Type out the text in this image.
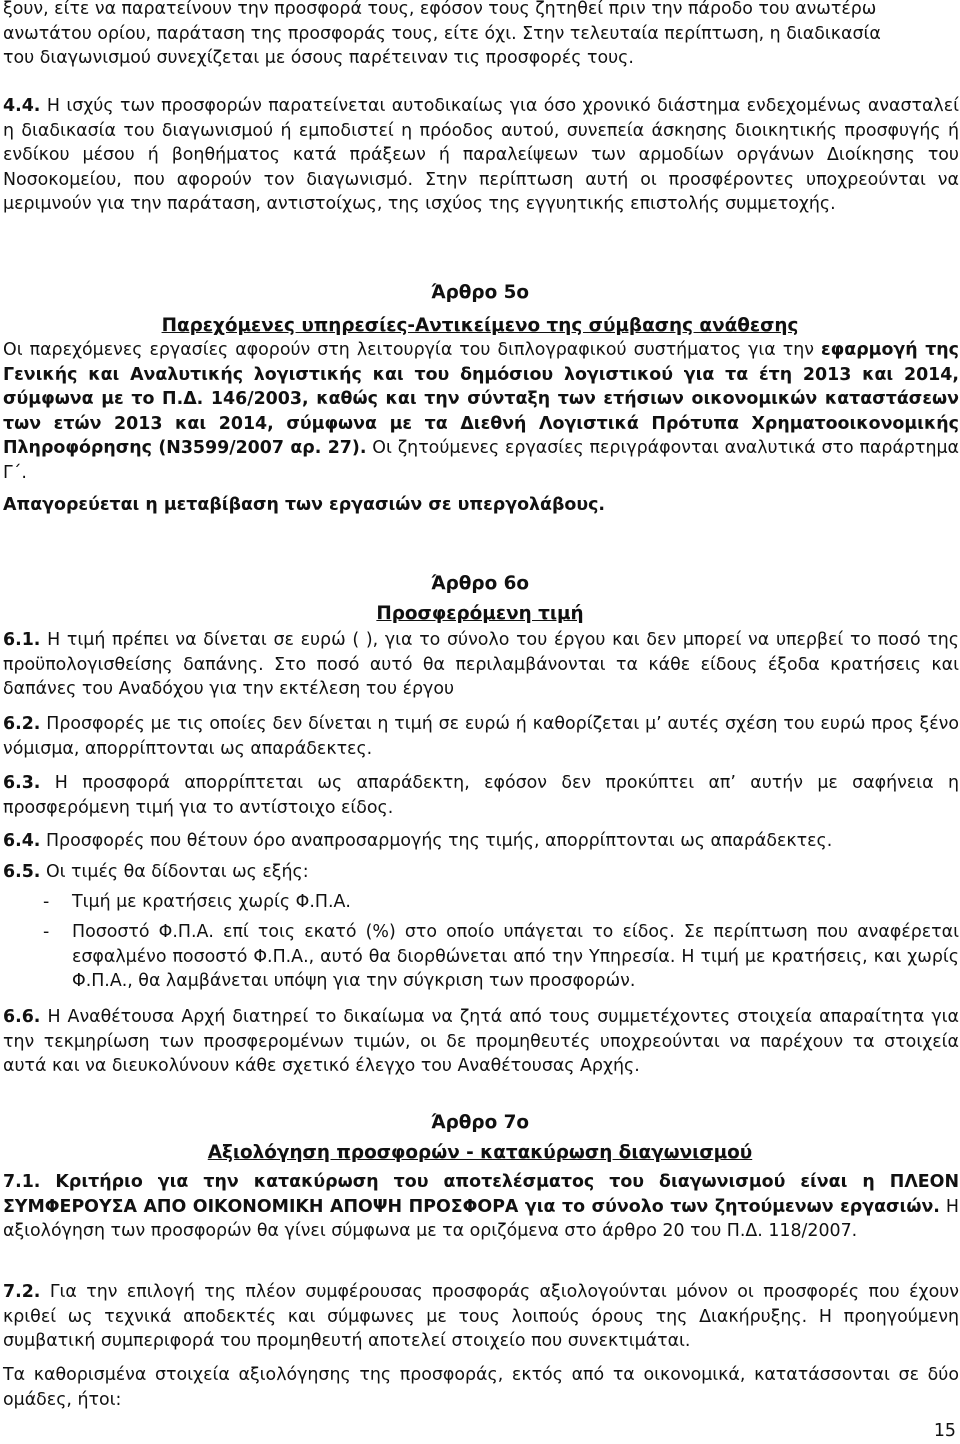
ξουν, είτε να παρατείνουν την προσφορά τους, εφόσον τους ζητηθεί πριν την πάροδο του ανωτέρω
ανωτάτου ορίου, παράταση της προσφοράς τους, είτε όχι. Στην τελευταία περίπτωση, η διαδικασία
του διαγωνισμού συνεχίζεται με όσους παρέτειναν τις προσφορές τους.
4.4. Η ισχύς των προσφορών παρατείνεται αυτοδικαίως για όσο χρονικό διάστημα ενδεχομένως ανασταλεί η διαδικασία του διαγωνισμού ή εμποδιστεί η πρόοδος αυτού, συνεπεία άσκησης διοικητικής προσφυγής ή ενδίκου μέσου ή βοηθήματος κατά πράξεων ή παραλείψεων των αρμοδίων οργάνων Διοίκησης του Νοσοκομείου, που αφορούν τον διαγωνισμό. Στην περίπτωση αυτή οι προσφέροντες υποχρεούνται να μεριμνούν για την παράταση, αντιστοίχως, της ισχύος της εγγυητικής επιστολής συμμετοχής.
Άρθρο 5ο
Παρεχόμενες υπηρεσίες-Αντικείμενο της σύμβασης ανάθεσης
Οι παρεχόμενες εργασίες αφορούν στη λειτουργία του διπλογραφικού συστήματος για την εφαρμογή της Γενικής και Αναλυτικής λογιστικής και του δημόσιου λογιστικού για τα έτη 2013 και 2014, σύμφωνα με το Π.Δ. 146/2003, καθώς και την σύνταξη των ετήσιων οικονομικών καταστάσεων των ετών 2013 και 2014, σύμφωνα με τα Διεθνή Λογιστικά Πρότυπα Χρηματοοικονομικής Πληροφόρησης (Ν3599/2007 αρ. 27). Οι ζητούμενες εργασίες περιγράφονται αναλυτικά στο παράρτημα Γ΄.
Απαγορεύεται η μεταβίβαση των εργασιών σε υπεργολάβους.
Άρθρο 6ο
Προσφερόμενη τιμή
6.1. Η τιμή πρέπει να δίνεται σε ευρώ ( ), για το σύνολο του έργου και δεν μπορεί να υπερβεί το ποσό της προϋπολογισθείσης δαπάνης. Στο ποσό αυτό θα περιλαμβάνονται τα κάθε είδους έξοδα κρατήσεις και δαπάνες του Αναδόχου για την εκτέλεση του έργου
6.2. Προσφορές με τις οποίες δεν δίνεται η τιμή σε ευρώ ή καθορίζεται μ’ αυτές σχέση του ευρώ προς ξένο νόμισμα, απορρίπτονται ως απαράδεκτες.
6.3. Η προσφορά απορρίπτεται ως απαράδεκτη, εφόσον δεν προκύπτει απ’ αυτήν με σαφήνεια η προσφερόμενη τιμή για το αντίστοιχο είδος.
6.4. Προσφορές που θέτουν όρο αναπροσαρμογής της τιμής, απορρίπτονται ως απαράδεκτες.
6.5. Οι τιμές θα δίδονται ως εξής:
- Τιμή με κρατήσεις χωρίς Φ.Π.Α.
- Ποσοστό Φ.Π.Α. επί τοις εκατό (%) στο οποίο υπάγεται το είδος. Σε περίπτωση που αναφέρεται εσφαλμένο ποσοστό Φ.Π.Α., αυτό θα διορθώνεται από την Υπηρεσία. Η τιμή με κρατήσεις, και χωρίς Φ.Π.Α., θα λαμβάνεται υπόψη για την σύγκριση των προσφορών.
6.6. Η Αναθέτουσα Αρχή διατηρεί το δικαίωμα να ζητά από τους συμμετέχοντες στοιχεία απαραίτητα για την τεκμηρίωση των προσφερομένων τιμών, οι δε προμηθευτές υποχρεούνται να παρέχουν τα στοιχεία αυτά και να διευκολύνουν κάθε σχετικό έλεγχο του Αναθέτουσας Αρχής.
Άρθρο 7ο
Αξιολόγηση προσφορών - κατακύρωση διαγωνισμού
7.1. Κριτήριο για την κατακύρωση του αποτελέσματος του διαγωνισμού είναι η ΠΛΕΟΝ ΣΥΜΦΕΡΟΥΣΑ ΑΠΟ ΟΙΚΟΝΟΜΙΚΗ ΑΠΟΨΗ ΠΡΟΣΦΟΡΑ για το σύνολο των ζητούμενων εργασιών. Η αξιολόγηση των προσφορών θα γίνει σύμφωνα με τα οριζόμενα στο άρθρο 20 του Π.Δ. 118/2007.
7.2. Για την επιλογή της πλέον συμφέρουσας προσφοράς αξιολογούνται μόνον οι προσφορές που έχουν κριθεί ως τεχνικά αποδεκτές και σύμφωνες με τους λοιπούς όρους της Διακήρυξης. Η προηγούμενη συμβατική συμπεριφορά του προμηθευτή αποτελεί στοιχείο που συνεκτιμάται.
Τα καθορισμένα στοιχεία αξιολόγησης της προσφοράς, εκτός από τα οικονομικά, κατατάσσονται σε δύο ομάδες, ήτοι:
15
